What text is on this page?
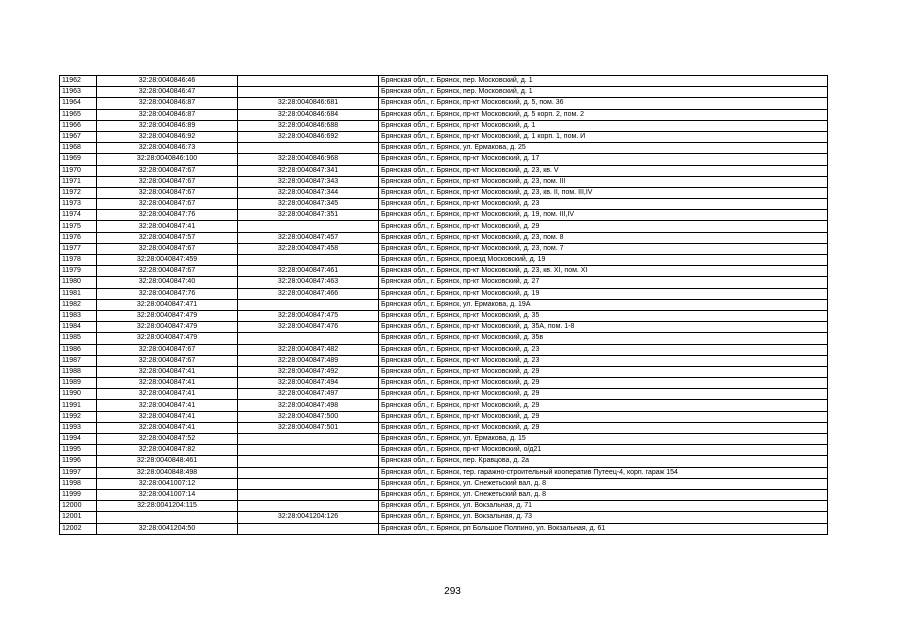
11962	32:28:0040846:46		Брянская обл., г. Брянск, пер. Московский, д. 1
11963	32:28:0040846:47		Брянская обл., г. Брянск, пер. Московский, д. 1
11964	32:28:0040846:87	32:28:0040846:681	Брянская обл., г. Брянск, пр-кт Московский, д. 5, пом. 36
11965	32:28:0040846:87	32:28:0040846:684	Брянская обл., г. Брянск, пр-кт Московский, д. 5 корп. 2, пом. 2
11966	32:28:0040846:89	32:28:0040846:688	Брянская обл., г. Брянск, пр-кт Московский, д. 1
11967	32:28:0040846:92	32:28:0040846:692	Брянская обл., г. Брянск, пр-кт Московский, д. 1 корп. 1, пом. И
11968	32:28:0040846:73		Брянская обл., г. Брянск, ул. Ермакова, д. 25
11969	32:28:0040846:100	32:28:0040846:968	Брянская обл., г. Брянск, пр-кт Московский, д. 17
11970	32:28:0040847:67	32:28:0040847:341	Брянская обл., г. Брянск, пр-кт Московский, д. 23, кв. V
11971	32:28:0040847:67	32:28:0040847:343	Брянская обл., г. Брянск, пр-кт Московский, д. 23, пом. III
11972	32:28:0040847:67	32:28:0040847:344	Брянская обл., г. Брянск, пр-кт Московский, д. 23, кв. II, пом. III,IV
11973	32:28:0040847:67	32:28:0040847:345	Брянская обл., г. Брянск, пр-кт Московский, д. 23
11974	32:28:0040847:76	32:28:0040847:351	Брянская обл., г. Брянск, пр-кт Московский, д. 19, пом. III,IV
11975	32:28:0040847:41		Брянская обл., г. Брянск, пр-кт Московский, д. 29
11976	32:28:0040847:57	32:28:0040847:457	Брянская обл., г. Брянск, пр-кт Московский, д. 23, пом. 8
11977	32:28:0040847:67	32:28:0040847:458	Брянская обл., г. Брянск, пр-кт Московский, д. 23, пом. 7
11978	32:28:0040847:459		Брянская обл., г. Брянск, проезд Московский, д. 19
11979	32:28:0040847:67	32:28:0040847:461	Брянская обл., г. Брянск, пр-кт Московский, д. 23, кв. XI, пом. XI
11980	32:28:0040847:40	32:28:0040847:463	Брянская обл., г. Брянск, пр-кт Московский, д. 27
11981	32:28:0040847:76	32:28:0040847:466	Брянская обл., г. Брянск, пр-кт Московский, д. 19
11982	32:28:0040847:471		Брянская обл., г. Брянск, ул. Ермакова, д. 19А
11983	32:28:0040847:479	32:28:0040847:475	Брянская обл., г. Брянск, пр-кт Московский, д. 35
11984	32:28:0040847:479	32:28:0040847:476	Брянская обл., г. Брянск, пр-кт Московский, д. 35А, пом. 1-8
11985	32:28:0040847:479		Брянская обл., г. Брянск, пр-кт Московский, д. 35в
11986	32:28:0040847:67	32:28:0040847:482	Брянская обл., г. Брянск, пр-кт Московский, д. 23
11987	32:28:0040847:67	32:28:0040847:489	Брянская обл., г. Брянск, пр-кт Московский, д. 23
11988	32:28:0040847:41	32:28:0040847:492	Брянская обл., г. Брянск, пр-кт Московский, д. 29
11989	32:28:0040847:41	32:28:0040847:494	Брянская обл., г. Брянск, пр-кт Московский, д. 29
11990	32:28:0040847:41	32:28:0040847:497	Брянская обл., г. Брянск, пр-кт Московский, д. 29
11991	32:28:0040847:41	32:28:0040847:498	Брянская обл., г. Брянск, пр-кт Московский, д. 29
11992	32:28:0040847:41	32:28:0040847:500	Брянская обл., г. Брянск, пр-кт Московский, д. 29
11993	32:28:0040847:41	32:28:0040847:501	Брянская обл., г. Брянск, пр-кт Московский, д. 29
11994	32:28:0040847:52		Брянская обл., г. Брянск, ул. Ермакова, д. 15
11995	32:28:0040847:82		Брянская обл., г. Брянск, пр-кт Московский, о/д21
11996	32:28:0040848:461		Брянская обл., г. Брянск, пер. Кравцова, д. 2а
11997	32:28:0040848:498		Брянская обл., г. Брянск, тер. гаражно-строительный кооператив Путеец-4, корп. гараж 154
11998	32:28:0041007:12		Брянская обл., г. Брянск, ул. Снежетьский вал, д. 8
11999	32:28:0041007:14		Брянская обл., г. Брянск, ул. Снежетьский вал, д. 8
12000	32:28:0041204:115		Брянская обл., г. Брянск, ул. Вокзальная, д. 71
12001		32:28:0041204:126	Брянская обл., г. Брянск, ул. Вокзальная, д. 73
12002	32:28:0041204:50		Брянская обл., г. Брянск, рп Большое Полпино, ул. Вокзальная, д. 61
293
